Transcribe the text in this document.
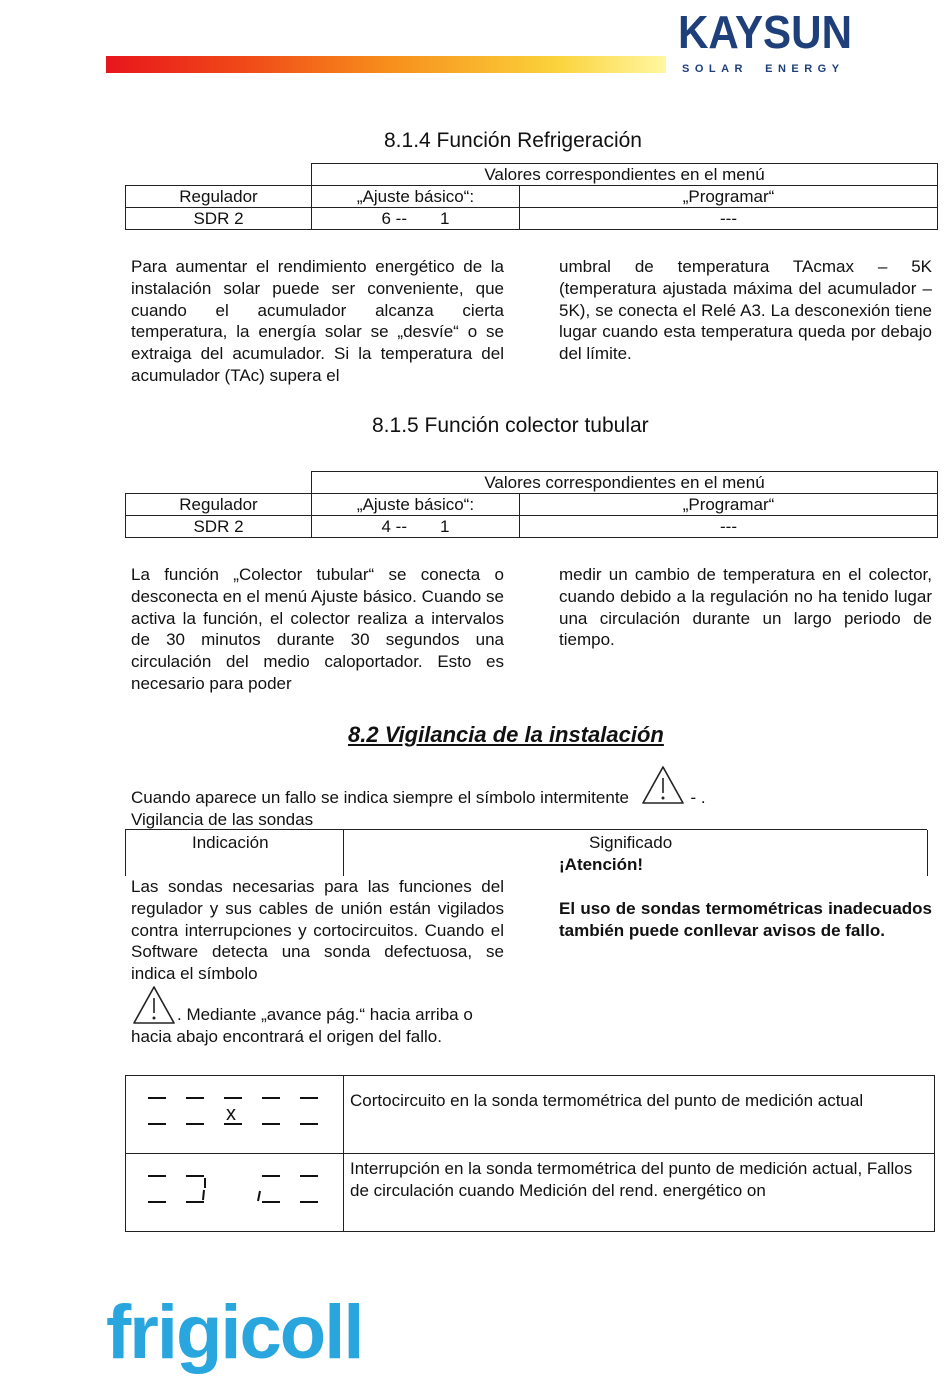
KAYSUN
SOLAR  ENERGY
8.1.4 Función Refrigeración
	Valores correspondientes en el menú	
Regulador	„Ajuste básico“:	„Programar“
SDR 2	6 --       1	---
Para aumentar el rendimiento energético de la instalación solar puede ser conveniente, que cuando el acumulador alcanza cierta temperatura, la energía solar se „desvíe“ o se extraiga del acumulador. Si la temperatura del acumulador (TAc) supera el
umbral de temperatura TAcmax – 5K (temperatura ajustada máxima del acumulador – 5K), se conecta el Relé A3. La desconexión tiene lugar cuando esta temperatura queda por debajo del límite.
8.1.5 Función colector tubular
	Valores correspondientes en el menú	
Regulador	„Ajuste básico“:	„Programar“
SDR 2	4 --       1	---
La función „Colector tubular“ se conecta o desconecta en el menú Ajuste básico. Cuando se activa la función, el colector realiza a intervalos de 30 minutos durante 30 segundos una circulación del medio caloportador. Esto es necesario para poder
medir un cambio de temperatura en el colector, cuando debido a la regulación no ha tenido lugar una circulación durante un largo periodo de tiempo.
8.2 Vigilancia de la instalación
Cuando aparece un fallo se indica siempre el símbolo intermitente	- .
Vigilancia de las sondas
Indicación	Significado
¡Atención!
Las sondas necesarias para las funciones del regulador y sus cables de unión están vigilados contra interrupciones y cortocircuitos. Cuando el Software detecta una sonda defectuosa, se indica el símbolo
. Mediante „avance pág.“ hacia arriba o hacia abajo encontrará el origen del fallo.
El uso de sondas termométricas inadecuados también puede conllevar avisos de fallo.
x	Cortocircuito en la sonda termométrica del punto de medición actual
	Interrupción en la sonda termométrica del punto de medición actual, Fallos de circulación cuando Medición del rend. energético on
frigicoll
